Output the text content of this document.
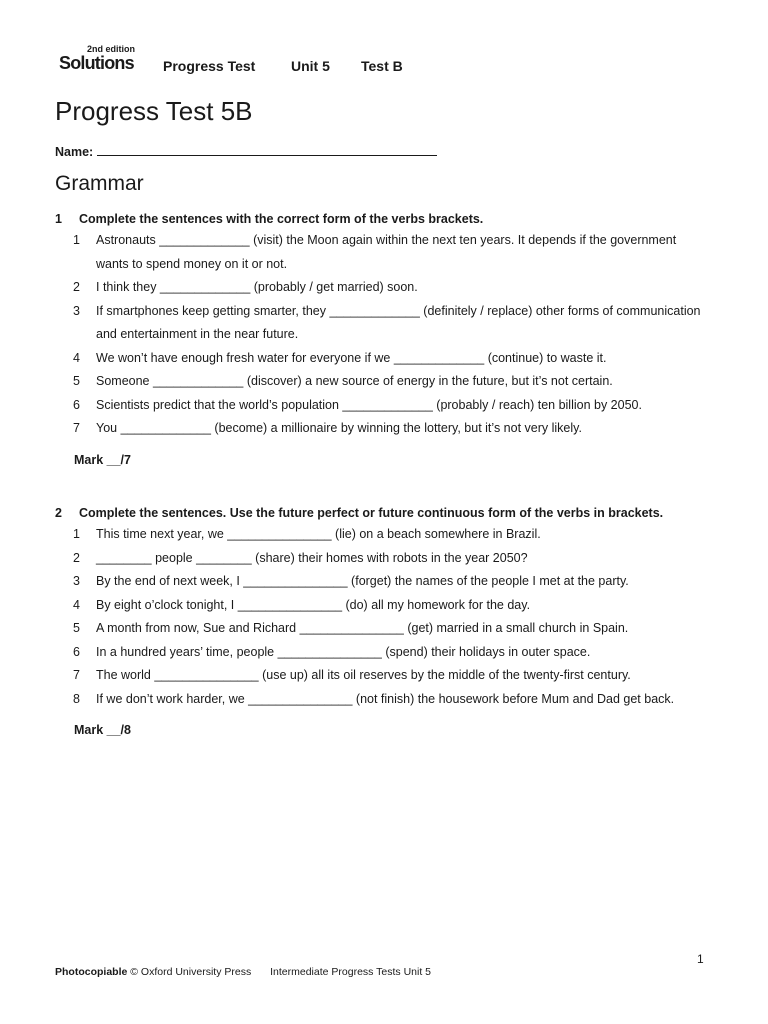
2nd edition
Solutions Progress Test	Unit 5 Test B
Progress Test 5B
Name:
Grammar
1 Complete the sentences with the correct form of the verbs brackets.
1 Astronauts _____________ (visit) the Moon again within the next ten years. It depends if the government wants to spend money on it or not.
2 I think they _____________ (probably / get married) soon.
3 If smartphones keep getting smarter, they _____________ (definitely / replace) other forms of communication and entertainment in the near future.
4 We won’t have enough fresh water for everyone if we _____________ (continue) to waste it.
5 Someone _____________ (discover) a new source of energy in the future, but it’s not certain.
6 Scientists predict that the world’s population _____________ (probably / reach) ten billion by 2050.
7 You _____________ (become) a millionaire by winning the lottery, but it’s not very likely.
Mark __/7
2 Complete the sentences. Use the future perfect or future continuous form of the verbs in brackets.
1 This time next year, we _______________ (lie) on a beach somewhere in Brazil.
2 ________ people ________ (share) their homes with robots in the year 2050?
3 By the end of next week, I _______________ (forget) the names of the people I met at the party.
4 By eight o’clock tonight, I _______________ (do) all my homework for the day.
5 A month from now, Sue and Richard _______________ (get) married in a small church in Spain.
6 In a hundred years’ time, people _______________ (spend) their holidays in outer space.
7 The world _______________ (use up) all its oil reserves by the middle of the twenty-first century.
8 If we don’t work harder, we _______________ (not finish) the housework before Mum and Dad get back.
Mark __/8
1
Photocopiable © Oxford University Press Intermediate Progress Tests Unit 5
